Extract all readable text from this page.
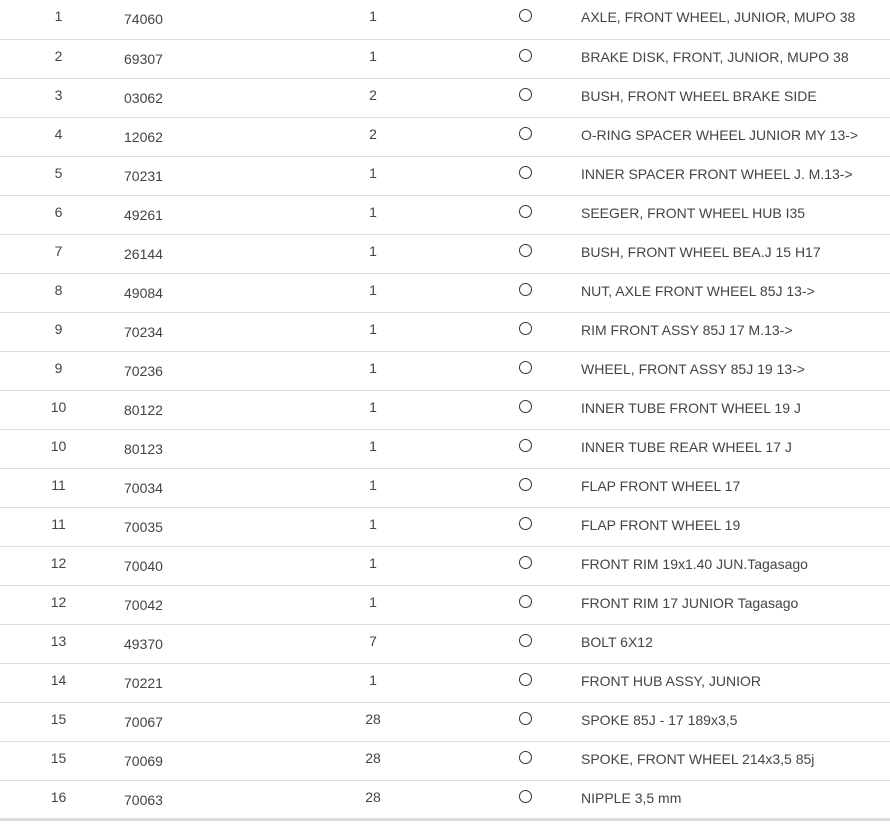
1	74060	1		AXLE, FRONT WHEEL, JUNIOR, MUPO 38
2	69307	1		BRAKE DISK, FRONT, JUNIOR, MUPO 38
3	03062	2		BUSH, FRONT WHEEL BRAKE SIDE
4	12062	2		O-RING SPACER WHEEL JUNIOR MY 13->
5	70231	1		INNER SPACER FRONT WHEEL J. M.13->
6	49261	1		SEEGER, FRONT WHEEL HUB I35
7	26144	1		BUSH, FRONT WHEEL BEA.J 15 H17
8	49084	1		NUT, AXLE FRONT WHEEL 85J 13->
9	70234	1		RIM FRONT ASSY 85J 17 M.13->
9	70236	1		WHEEL, FRONT ASSY 85J 19 13->
10	80122	1		INNER TUBE FRONT WHEEL 19 J
10	80123	1		INNER TUBE REAR WHEEL 17 J
11	70034	1		FLAP FRONT WHEEL 17
11	70035	1		FLAP FRONT WHEEL 19
12	70040	1		FRONT RIM 19x1.40 JUN.Tagasago
12	70042	1		FRONT RIM 17 JUNIOR Tagasago
13	49370	7		BOLT 6X12
14	70221	1		FRONT HUB ASSY, JUNIOR
15	70067	28		SPOKE 85J - 17 189x3,5
15	70069	28		SPOKE, FRONT WHEEL 214x3,5 85j
16	70063	28		NIPPLE 3,5 mm
